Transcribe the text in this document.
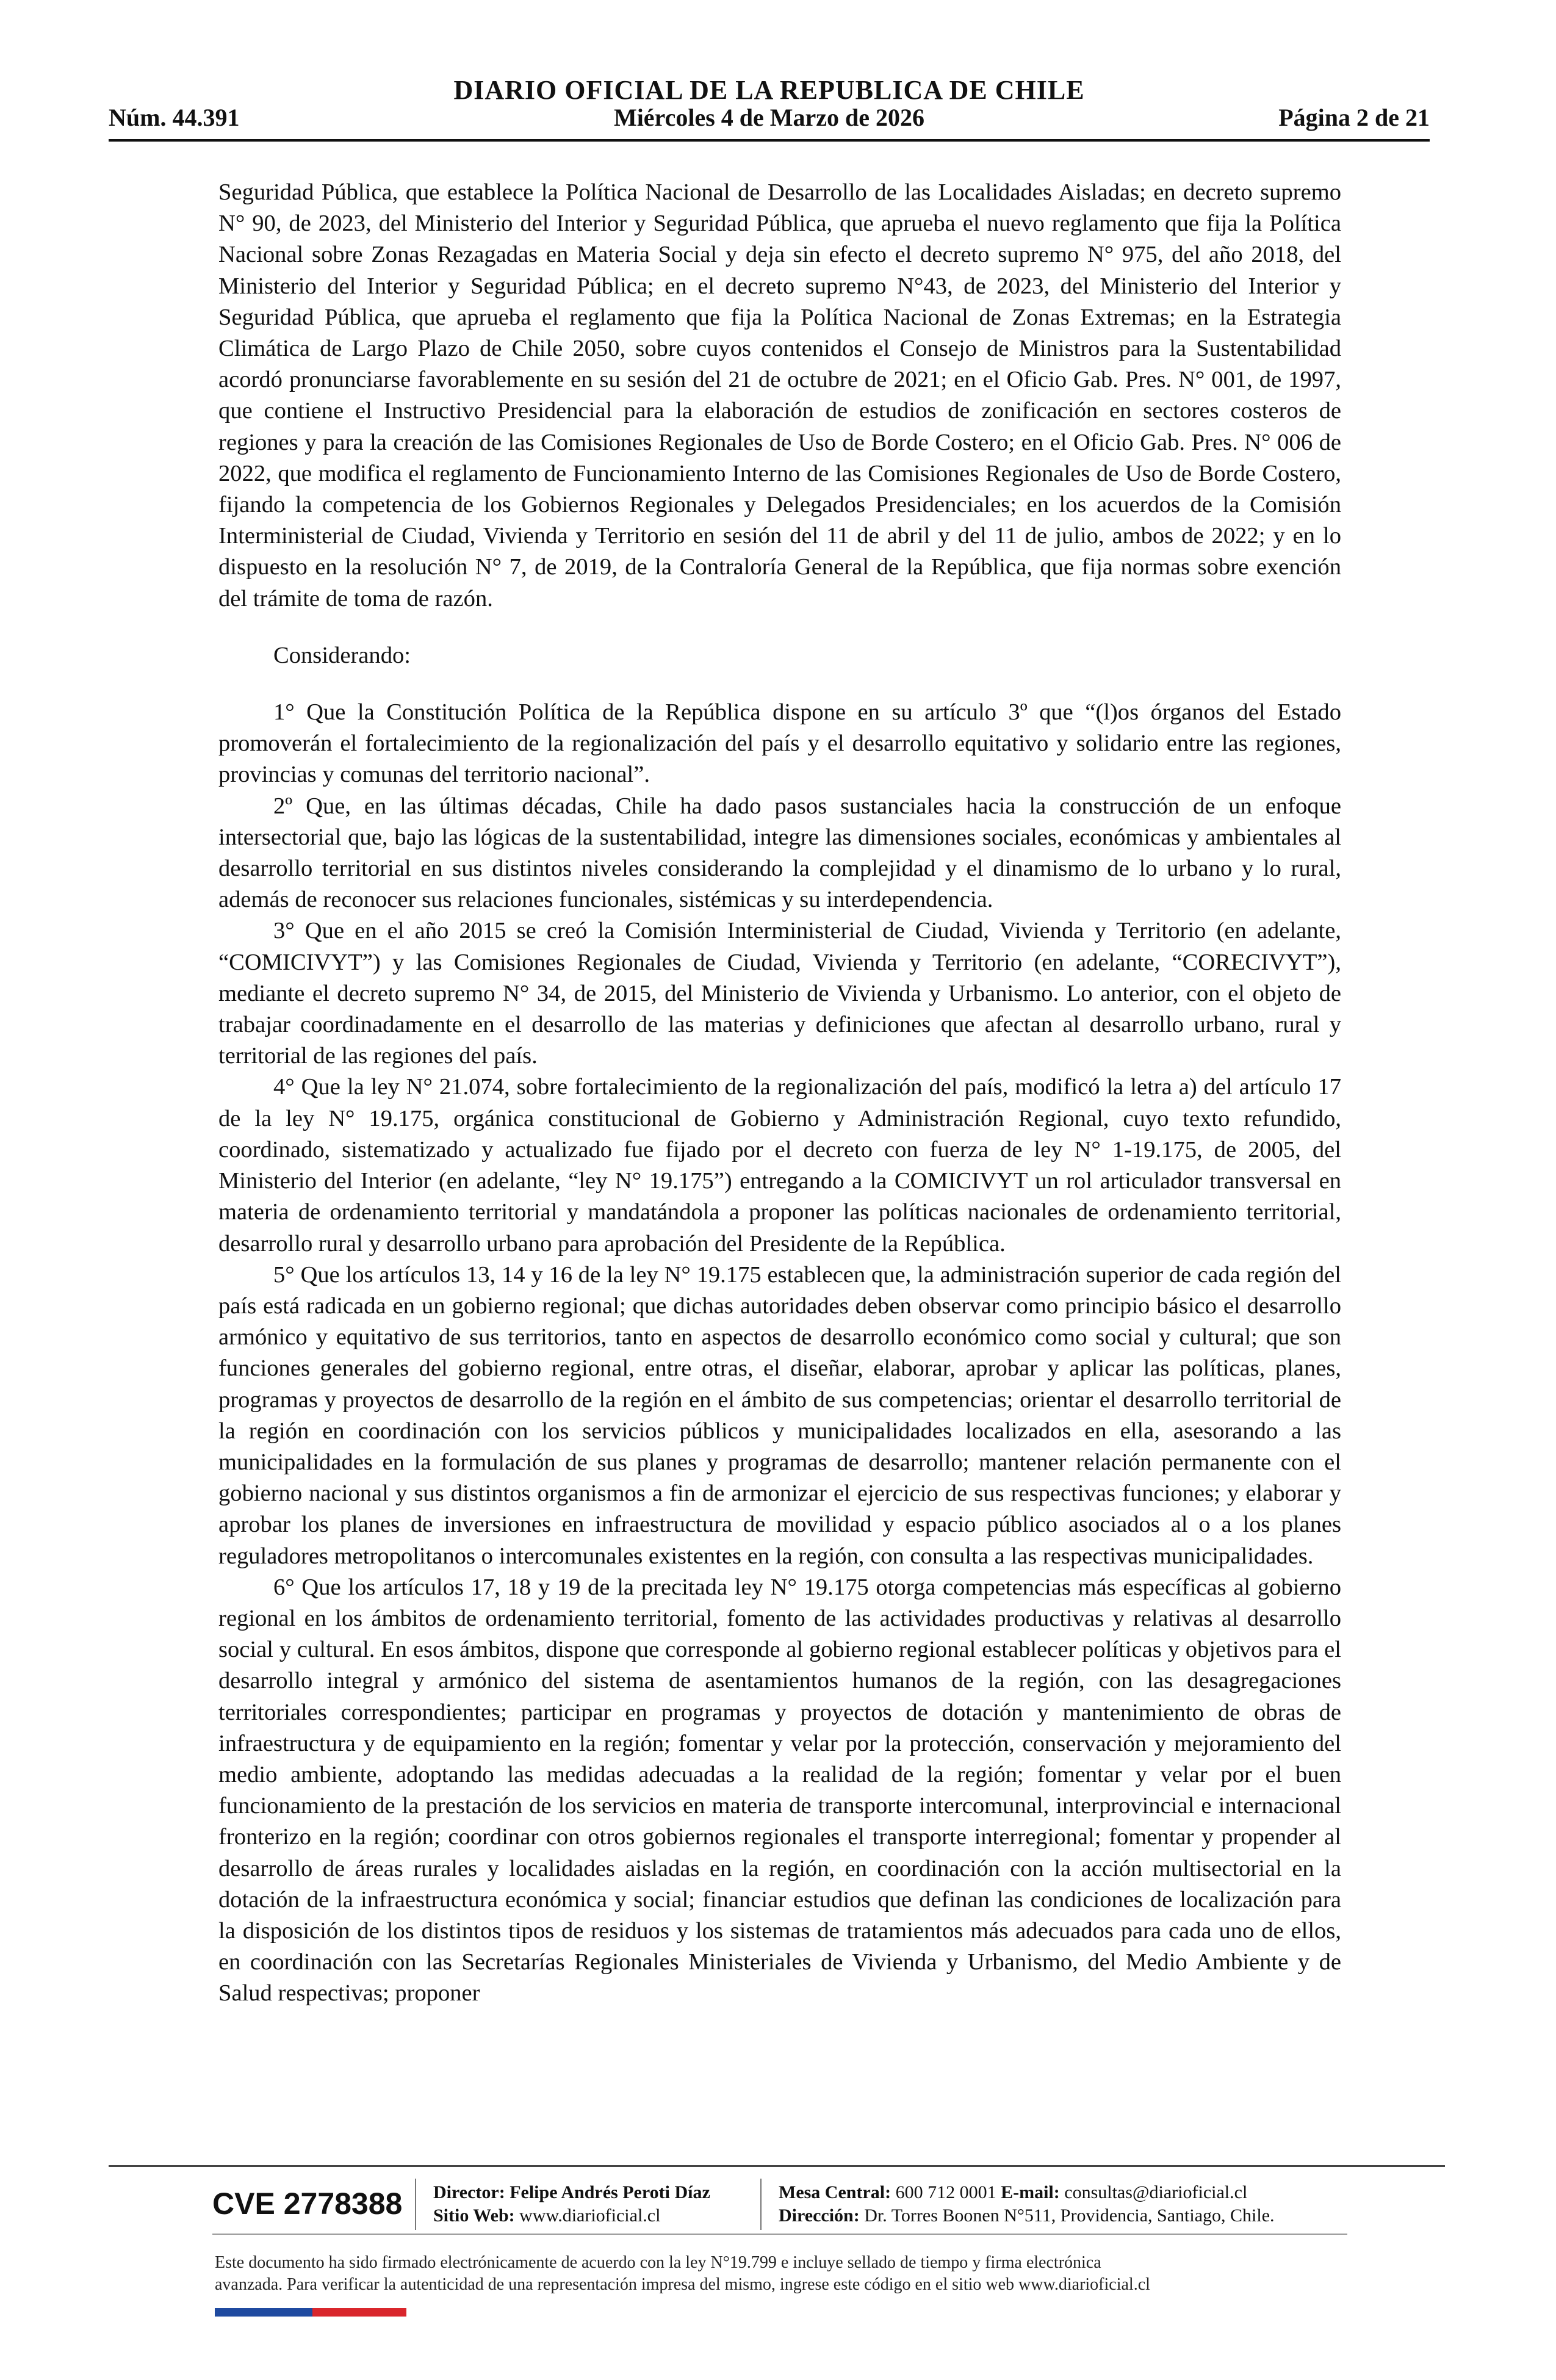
DIARIO OFICIAL DE LA REPUBLICA DE CHILE
Núm. 44.391	Miércoles 4 de Marzo de 2026	Página 2 de 21

Seguridad Pública, que establece la Política Nacional de Desarrollo de las Localidades Aisladas; en decreto supremo N° 90, de 2023, del Ministerio del Interior y Seguridad Pública, que aprueba el nuevo reglamento que fija la Política Nacional sobre Zonas Rezagadas en Materia Social y deja sin efecto el decreto supremo N° 975, del año 2018, del Ministerio del Interior y Seguridad Pública; en el decreto supremo N°43, de 2023, del Ministerio del Interior y Seguridad Pública, que aprueba el reglamento que fija la Política Nacional de Zonas Extremas; en la Estrategia Climática de Largo Plazo de Chile 2050, sobre cuyos contenidos el Consejo de Ministros para la Sustentabilidad acordó pronunciarse favorablemente en su sesión del 21 de octubre de 2021; en el Oficio Gab. Pres. N° 001, de 1997, que contiene el Instructivo Presidencial para la elaboración de estudios de zonificación en sectores costeros de regiones y para la creación de las Comisiones Regionales de Uso de Borde Costero; en el Oficio Gab. Pres. N° 006 de 2022, que modifica el reglamento de Funcionamiento Interno de las Comisiones Regionales de Uso de Borde Costero, fijando la competencia de los Gobiernos Regionales y Delegados Presidenciales; en los acuerdos de la Comisión Interministerial de Ciudad, Vivienda y Territorio en sesión del 11 de abril y del 11 de julio, ambos de 2022; y en lo dispuesto en la resolución N° 7, de 2019, de la Contraloría General de la República, que fija normas sobre exención del trámite de toma de razón.

Considerando:

1° Que la Constitución Política de la República dispone en su artículo 3º que “(l)os órganos del Estado promoverán el fortalecimiento de la regionalización del país y el desarrollo equitativo y solidario entre las regiones, provincias y comunas del territorio nacional”.

2º Que, en las últimas décadas, Chile ha dado pasos sustanciales hacia la construcción de un enfoque intersectorial que, bajo las lógicas de la sustentabilidad, integre las dimensiones sociales, económicas y ambientales al desarrollo territorial en sus distintos niveles considerando la complejidad y el dinamismo de lo urbano y lo rural, además de reconocer sus relaciones funcionales, sistémicas y su interdependencia.

3° Que en el año 2015 se creó la Comisión Interministerial de Ciudad, Vivienda y Territorio (en adelante, “COMICIVYT”) y las Comisiones Regionales de Ciudad, Vivienda y Territorio (en adelante, “CORECIVYT”), mediante el decreto supremo N° 34, de 2015, del Ministerio de Vivienda y Urbanismo. Lo anterior, con el objeto de trabajar coordinadamente en el desarrollo de las materias y definiciones que afectan al desarrollo urbano, rural y territorial de las regiones del país.

4° Que la ley N° 21.074, sobre fortalecimiento de la regionalización del país, modificó la letra a) del artículo 17 de la ley N° 19.175, orgánica constitucional de Gobierno y Administración Regional, cuyo texto refundido, coordinado, sistematizado y actualizado fue fijado por el decreto con fuerza de ley N° 1-19.175, de 2005, del Ministerio del Interior (en adelante, “ley N° 19.175”) entregando a la COMICIVYT un rol articulador transversal en materia de ordenamiento territorial y mandatándola a proponer las políticas nacionales de ordenamiento territorial, desarrollo rural y desarrollo urbano para aprobación del Presidente de la República.

5° Que los artículos 13, 14 y 16 de la ley N° 19.175 establecen que, la administración superior de cada región del país está radicada en un gobierno regional; que dichas autoridades deben observar como principio básico el desarrollo armónico y equitativo de sus territorios, tanto en aspectos de desarrollo económico como social y cultural; que son funciones generales del gobierno regional, entre otras, el diseñar, elaborar, aprobar y aplicar las políticas, planes, programas y proyectos de desarrollo de la región en el ámbito de sus competencias; orientar el desarrollo territorial de la región en coordinación con los servicios públicos y municipalidades localizados en ella, asesorando a las municipalidades en la formulación de sus planes y programas de desarrollo; mantener relación permanente con el gobierno nacional y sus distintos organismos a fin de armonizar el ejercicio de sus respectivas funciones; y elaborar y aprobar los planes de inversiones en infraestructura de movilidad y espacio público asociados al o a los planes reguladores metropolitanos o intercomunales existentes en la región, con consulta a las respectivas municipalidades.

6° Que los artículos 17, 18 y 19 de la precitada ley N° 19.175 otorga competencias más específicas al gobierno regional en los ámbitos de ordenamiento territorial, fomento de las actividades productivas y relativas al desarrollo social y cultural. En esos ámbitos, dispone que corresponde al gobierno regional establecer políticas y objetivos para el desarrollo integral y armónico del sistema de asentamientos humanos de la región, con las desagregaciones territoriales correspondientes; participar en programas y proyectos de dotación y mantenimiento de obras de infraestructura y de equipamiento en la región; fomentar y velar por la protección, conservación y mejoramiento del medio ambiente, adoptando las medidas adecuadas a la realidad de la región; fomentar y velar por el buen funcionamiento de la prestación de los servicios en materia de transporte intercomunal, interprovincial e internacional fronterizo en la región; coordinar con otros gobiernos regionales el transporte interregional; fomentar y propender al desarrollo de áreas rurales y localidades aisladas en la región, en coordinación con la acción multisectorial en la dotación de la infraestructura económica y social; financiar estudios que definan las condiciones de localización para la disposición de los distintos tipos de residuos y los sistemas de tratamientos más adecuados para cada uno de ellos, en coordinación con las Secretarías Regionales Ministeriales de Vivienda y Urbanismo, del Medio Ambiente y de Salud respectivas; proponer

CVE 2778388 Director: Felipe Andrés Peroti Díaz
Sitio Web: www.diarioficial.cl
Mesa Central: 600 712 0001 E-mail: consultas@diarioficial.cl
Dirección: Dr. Torres Boonen N°511, Providencia, Santiago, Chile.
Este documento ha sido firmado electrónicamente de acuerdo con la ley N°19.799 e incluye sellado de tiempo y firma electrónica
avanzada. Para verificar la autenticidad de una representación impresa del mismo, ingrese este código en el sitio web www.diarioficial.cl
